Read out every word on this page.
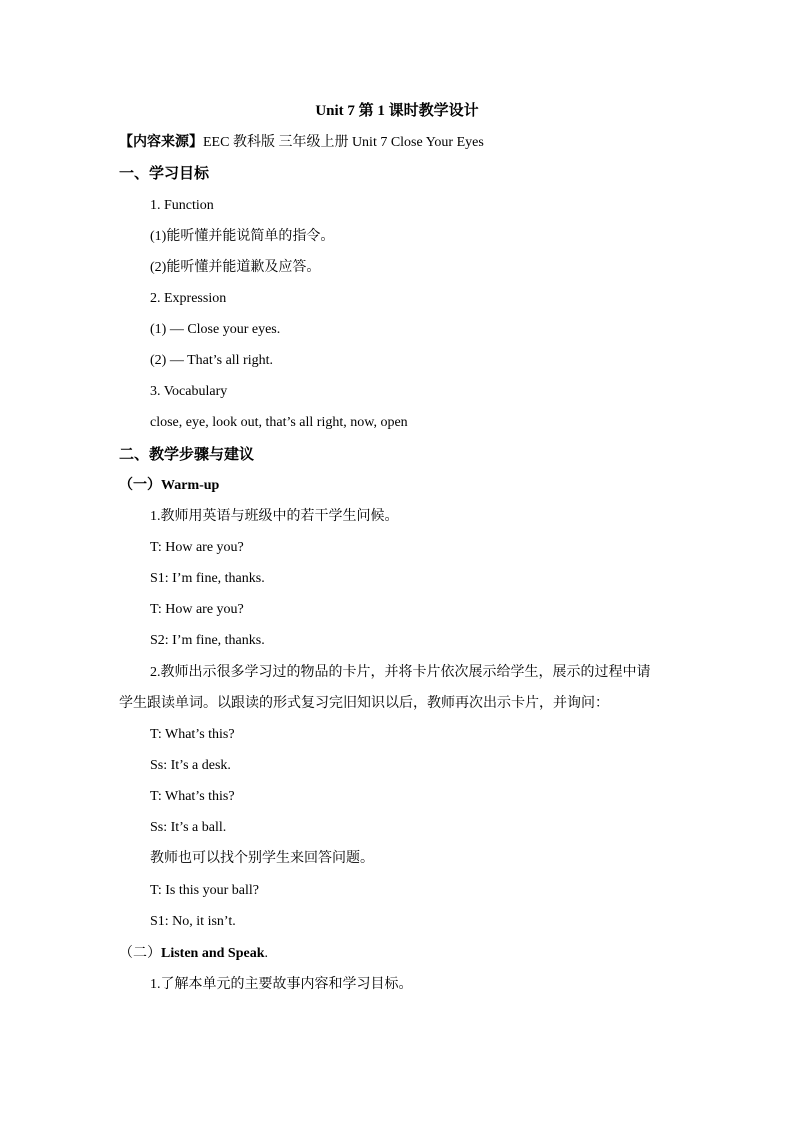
Unit 7 第 1 课时教学设计
【内容来源】EEC 教科版 三年级上册 Unit 7 Close Your Eyes
一、学习目标
1. Function
(1)能听懂并能说简单的指令。
(2)能听懂并能道歉及应答。
2. Expression
(1) — Close your eyes.
(2) — That’s all right.
3. Vocabulary
close, eye, look out, that’s all right, now, open
二、教学步骤与建议
（一）Warm-up
1.教师用英语与班级中的若干学生问候。
T: How are you?
S1: I’m fine, thanks.
T: How are you?
S2: I’m fine, thanks.
2.教师出示很多学习过的物品的卡片，并将卡片依次展示给学生，展示的过程中请
学生跟读单词。以跟读的形式复习完旧知识以后，教师再次出示卡片，并询问：
T: What’s this?
Ss: It’s a desk.
T: What’s this?
Ss: It’s a ball.
教师也可以找个别学生来回答问题。
T: Is this your ball?
S1: No, it isn’t.
（二）Listen and Speak.
1.了解本单元的主要故事内容和学习目标。
